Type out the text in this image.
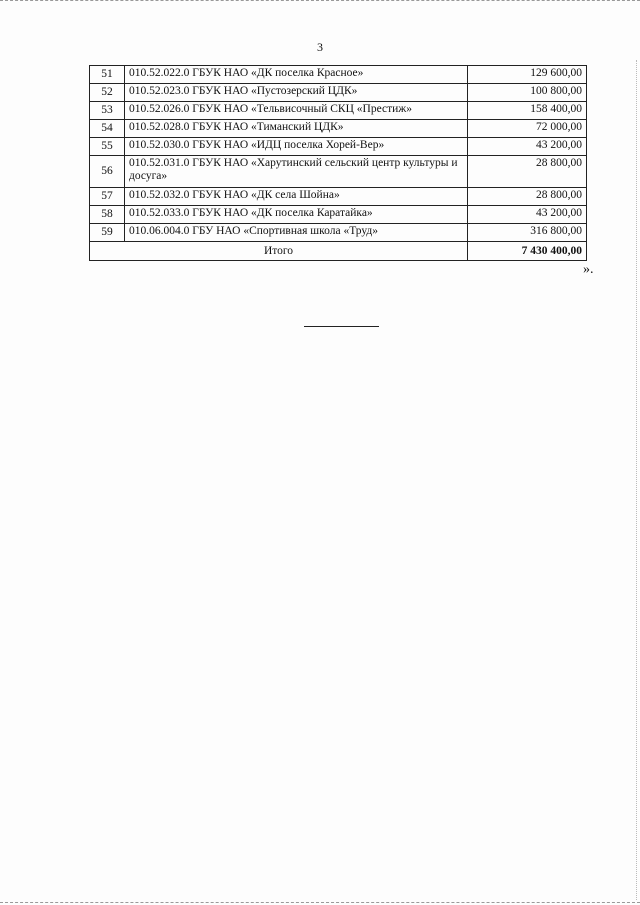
3
51	010.52.022.0 ГБУК НАО «ДК поселка Красное»	129 600,00
52	010.52.023.0 ГБУК НАО «Пустозерский ЦДК»	100 800,00
53	010.52.026.0 ГБУК НАО «Тельвисочный СКЦ «Престиж»	158 400,00
54	010.52.028.0 ГБУК НАО «Тиманский ЦДК»	72 000,00
55	010.52.030.0 ГБУК НАО «ИДЦ поселка Хорей-Вер»	43 200,00
56	010.52.031.0 ГБУК НАО «Харутинский сельский центр культуры и досуга»	28 800,00
57	010.52.032.0 ГБУК НАО «ДК села Шойна»	28 800,00
58	010.52.033.0 ГБУК НАО «ДК поселка Каратайка»	43 200,00
59	010.06.004.0 ГБУ НАО «Спортивная школа «Труд»	316 800,00
Итого		7 430 400,00
».
